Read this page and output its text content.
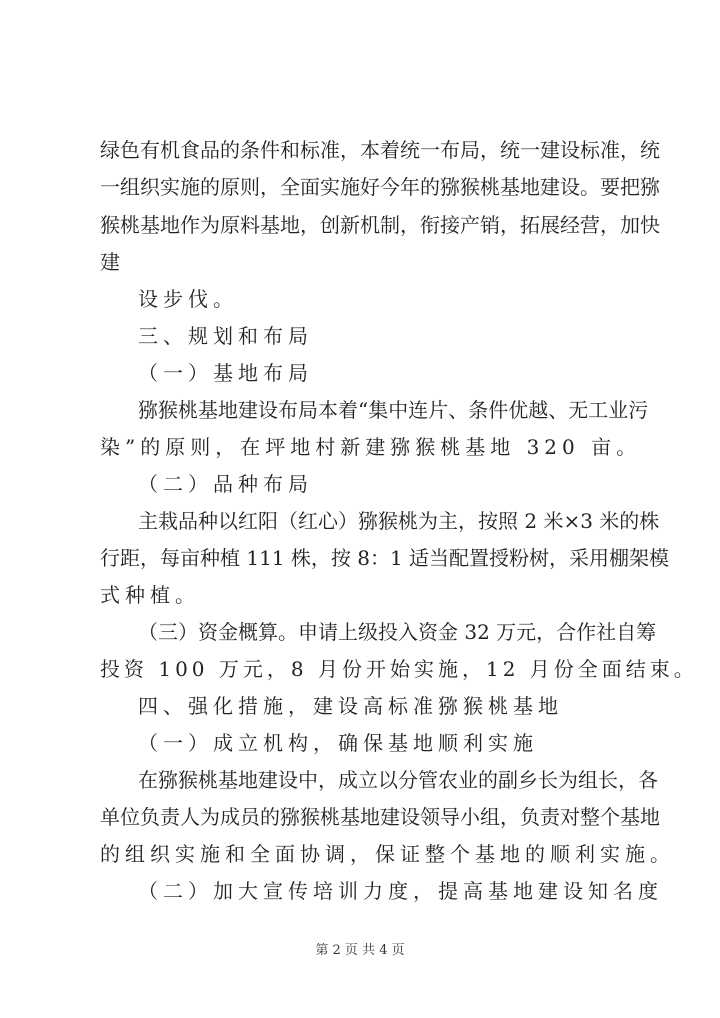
绿色有机食品的条件和标准，本着统一布局，统一建设标准，统
一组织实施的原则，全面实施好今年的猕猴桃基地建设。要把猕
猴桃基地作为原料基地，创新机制，衔接产销，拓展经营，加快
建
设步伐。
三、规划和布局
（一）基地布局
猕猴桃基地建设布局本着“集中连片、条件优越、无工业污
染”的原则，在坪地村新建猕猴桃基地 320 亩。
（二）品种布局
主栽品种以红阳（红心）猕猴桃为主，按照 2 米×3 米的株
行距，每亩种植 111 株，按 8：1 适当配置授粉树，采用棚架模
式种植。
（三）资金概算。申请上级投入资金 32 万元，合作社自筹
投资 100 万元，8 月份开始实施，12 月份全面结束。
四、强化措施，建设高标准猕猴桃基地
（一）成立机构，确保基地顺利实施
在猕猴桃基地建设中，成立以分管农业的副乡长为组长，各
单位负责人为成员的猕猴桃基地建设领导小组，负责对整个基地
的组织实施和全面协调，保证整个基地的顺利实施。
（二）加大宣传培训力度，提高基地建设知名度
第 2 页 共 4 页
